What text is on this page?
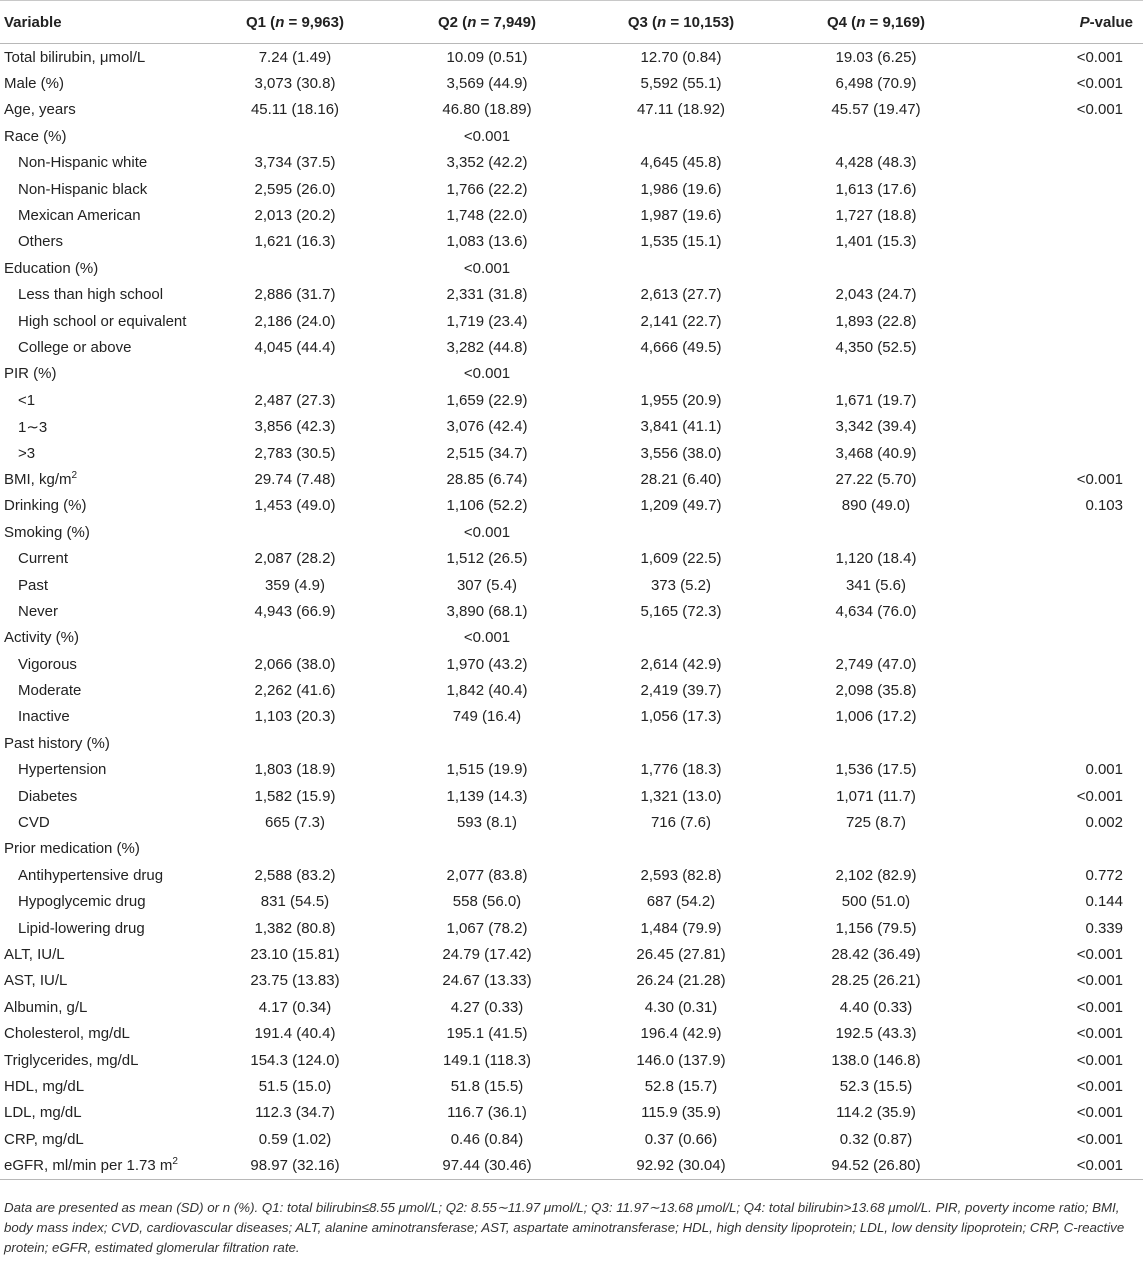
Variable	Q1 (n = 9,963)	Q2 (n = 7,949)	Q3 (n = 10,153)	Q4 (n = 9,169)	P-value
Total bilirubin, μmol/L	7.24 (1.49)	10.09 (0.51)	12.70 (0.84)	19.03 (6.25)	<0.001
Male (%)	3,073 (30.8)	3,569 (44.9)	5,592 (55.1)	6,498 (70.9)	<0.001
Age, years	45.11 (18.16)	46.80 (18.89)	47.11 (18.92)	45.57 (19.47)	<0.001
Race (%)		<0.001			
Non-Hispanic white	3,734 (37.5)	3,352 (42.2)	4,645 (45.8)	4,428 (48.3)	
Non-Hispanic black	2,595 (26.0)	1,766 (22.2)	1,986 (19.6)	1,613 (17.6)	
Mexican American	2,013 (20.2)	1,748 (22.0)	1,987 (19.6)	1,727 (18.8)	
Others	1,621 (16.3)	1,083 (13.6)	1,535 (15.1)	1,401 (15.3)	
Education (%)		<0.001			
Less than high school	2,886 (31.7)	2,331 (31.8)	2,613 (27.7)	2,043 (24.7)	
High school or equivalent	2,186 (24.0)	1,719 (23.4)	2,141 (22.7)	1,893 (22.8)	
College or above	4,045 (44.4)	3,282 (44.8)	4,666 (49.5)	4,350 (52.5)	
PIR (%)		<0.001			
<1	2,487 (27.3)	1,659 (22.9)	1,955 (20.9)	1,671 (19.7)	
1∼3	3,856 (42.3)	3,076 (42.4)	3,841 (41.1)	3,342 (39.4)	
>3	2,783 (30.5)	2,515 (34.7)	3,556 (38.0)	3,468 (40.9)	
BMI, $kg/m^2$	29.74 (7.48)	28.85 (6.74)	28.21 (6.40)	27.22 (5.70)	<0.001
Drinking (%)	1,453 (49.0)	1,106 (52.2)	1,209 (49.7)	890 (49.0)	0.103
Smoking (%)		<0.001			
Current	2,087 (28.2)	1,512 (26.5)	1,609 (22.5)	1,120 (18.4)	
Past	359 (4.9)	307 (5.4)	373 (5.2)	341 (5.6)	
Never	4,943 (66.9)	3,890 (68.1)	5,165 (72.3)	4,634 (76.0)	
Activity (%)		<0.001			
Vigorous	2,066 (38.0)	1,970 (43.2)	2,614 (42.9)	2,749 (47.0)	
Moderate	2,262 (41.6)	1,842 (40.4)	2,419 (39.7)	2,098 (35.8)	
Inactive	1,103 (20.3)	749 (16.4)	1,056 (17.3)	1,006 (17.2)	
Past history (%)					
Hypertension	1,803 (18.9)	1,515 (19.9)	1,776 (18.3)	1,536 (17.5)	0.001
Diabetes	1,582 (15.9)	1,139 (14.3)	1,321 (13.0)	1,071 (11.7)	<0.001
CVD	665 (7.3)	593 (8.1)	716 (7.6)	725 (8.7)	0.002
Prior medication (%)					
Antihypertensive drug	2,588 (83.2)	2,077 (83.8)	2,593 (82.8)	2,102 (82.9)	0.772
Hypoglycemic drug	831 (54.5)	558 (56.0)	687 (54.2)	500 (51.0)	0.144
Lipid-lowering drug	1,382 (80.8)	1,067 (78.2)	1,484 (79.9)	1,156 (79.5)	0.339
ALT, IU/L	23.10 (15.81)	24.79 (17.42)	26.45 (27.81)	28.42 (36.49)	<0.001
AST, IU/L	23.75 (13.83)	24.67 (13.33)	26.24 (21.28)	28.25 (26.21)	<0.001
Albumin, g/L	4.17 (0.34)	4.27 (0.33)	4.30 (0.31)	4.40 (0.33)	<0.001
Cholesterol, mg/dL	191.4 (40.4)	195.1 (41.5)	196.4 (42.9)	192.5 (43.3)	<0.001
Triglycerides, mg/dL	154.3 (124.0)	149.1 (118.3)	146.0 (137.9)	138.0 (146.8)	<0.001
HDL, mg/dL	51.5 (15.0)	51.8 (15.5)	52.8 (15.7)	52.3 (15.5)	<0.001
LDL, mg/dL	112.3 (34.7)	116.7 (36.1)	115.9 (35.9)	114.2 (35.9)	<0.001
CRP, mg/dL	0.59 (1.02)	0.46 (0.84)	0.37 (0.66)	0.32 (0.87)	<0.001
eGFR, ml/min per 1.73 $m^2$	98.97 (32.16)	97.44 (30.46)	92.92 (30.04)	94.52 (26.80)	<0.001
Data are presented as mean (SD) or n (%). Q1: total bilirubin≤8.55 μmol/L; Q2: 8.55∼11.97 μmol/L; Q3: 11.97∼13.68 μmol/L; Q4: total bilirubin>13.68 μmol/L. PIR, poverty income ratio; BMI, body mass index; CVD, cardiovascular diseases; ALT, alanine aminotransferase; AST, aspartate aminotransferase; HDL, high density lipoprotein; LDL, low density lipoprotein; CRP, C-reactive protein; eGFR, estimated glomerular filtration rate.
